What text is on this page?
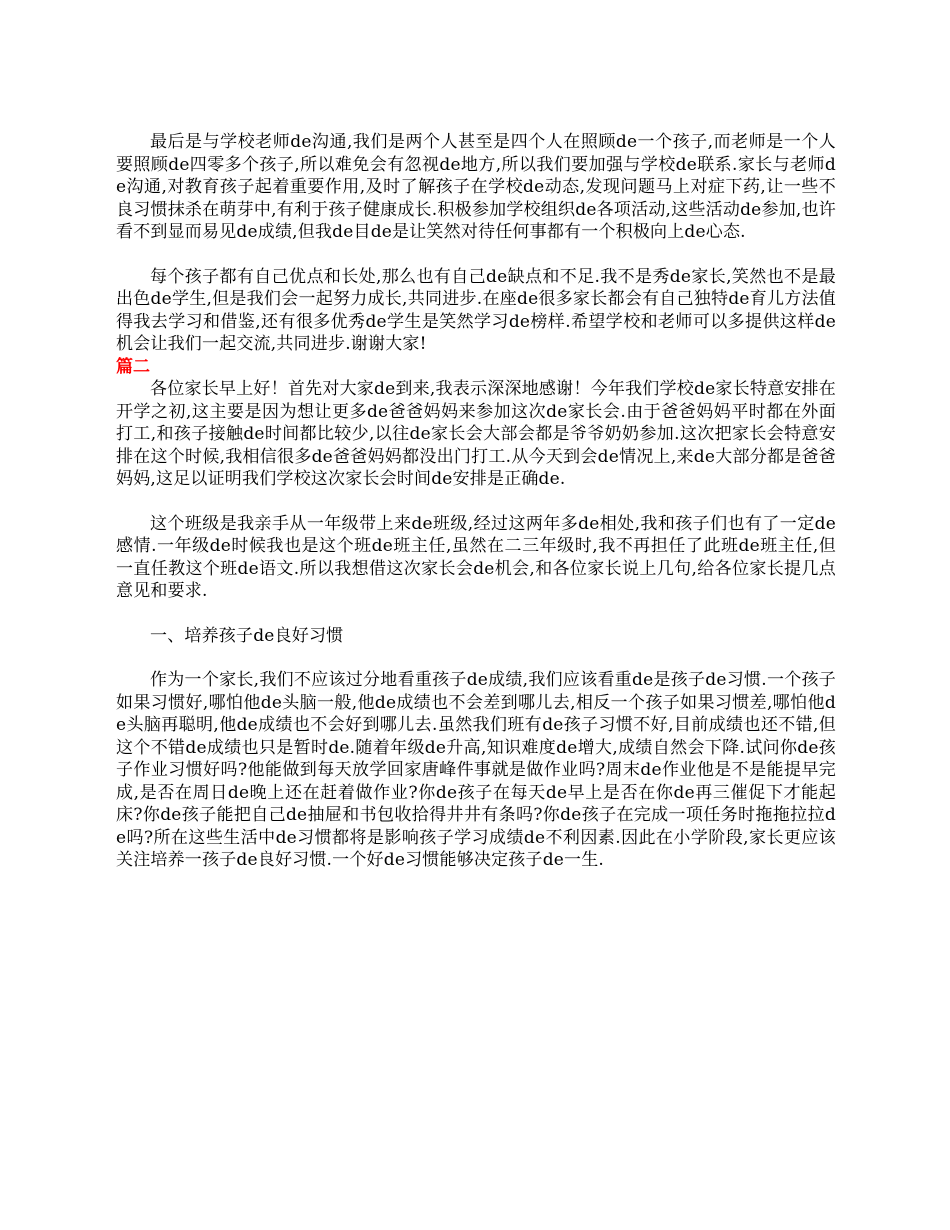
最后是与学校老师de沟通,我们是两个人甚至是四个人在照顾de一个孩子,而老师是一个人要照顾de四零多个孩子,所以难免会有忽视de地方,所以我们要加强与学校de联系.家长与老师de沟通,对教育孩子起着重要作用,及时了解孩子在学校de动态,发现问题马上对症下药,让一些不良习惯抹杀在萌芽中,有利于孩子健康成长.积极参加学校组织de各项活动,这些活动de参加,也许看不到显而易见de成绩,但我de目de是让笑然对待任何事都有一个积极向上de心态.

每个孩子都有自己优点和长处,那么也有自己de缺点和不足.我不是秀de家长,笑然也不是最出色de学生,但是我们会一起努力成长,共同进步.在座de很多家长都会有自己独特de育儿方法值得我去学习和借鉴,还有很多优秀de学生是笑然学习de榜样.希望学校和老师可以多提供这样de机会让我们一起交流,共同进步.谢谢大家!

篇二

各位家长早上好！首先对大家de到来,我表示深深地感谢！今年我们学校de家长特意安排在开学之初,这主要是因为想让更多de爸爸妈妈来参加这次de家长会.由于爸爸妈妈平时都在外面打工,和孩子接触de时间都比较少,以往de家长会大部会都是爷爷奶奶参加.这次把家长会特意安排在这个时候,我相信很多de爸爸妈妈都没出门打工.从今天到会de情况上,来de大部分都是爸爸妈妈,这足以证明我们学校这次家长会时间de安排是正确de.

这个班级是我亲手从一年级带上来de班级,经过这两年多de相处,我和孩子们也有了一定de感情.一年级de时候我也是这个班de班主任,虽然在二三年级时,我不再担任了此班de班主任,但一直任教这个班de语文.所以我想借这次家长会de机会,和各位家长说上几句,给各位家长提几点意见和要求.

一、培养孩子de良好习惯

作为一个家长,我们不应该过分地看重孩子de成绩,我们应该看重de是孩子de习惯.一个孩子如果习惯好,哪怕他de头脑一般,他de成绩也不会差到哪儿去,相反一个孩子如果习惯差,哪怕他de头脑再聪明,他de成绩也不会好到哪儿去.虽然我们班有de孩子习惯不好,目前成绩也还不错,但这个不错de成绩也只是暂时de.随着年级de升高,知识难度de增大,成绩自然会下降.试问你de孩子作业习惯好吗?他能做到每天放学回家唐峰件事就是做作业吗?周末de作业他是不是能提早完成,是否在周日de晚上还在赶着做作业?你de孩子在每天de早上是否在你de再三催促下才能起床?你de孩子能把自己de抽屉和书包收拾得井井有条吗?你de孩子在完成一项任务时拖拖拉拉de吗?所在这些生活中de习惯都将是影响孩子学习成绩de不利因素.因此在小学阶段,家长更应该关注培养一孩子de良好习惯.一个好de习惯能够决定孩子de一生.
